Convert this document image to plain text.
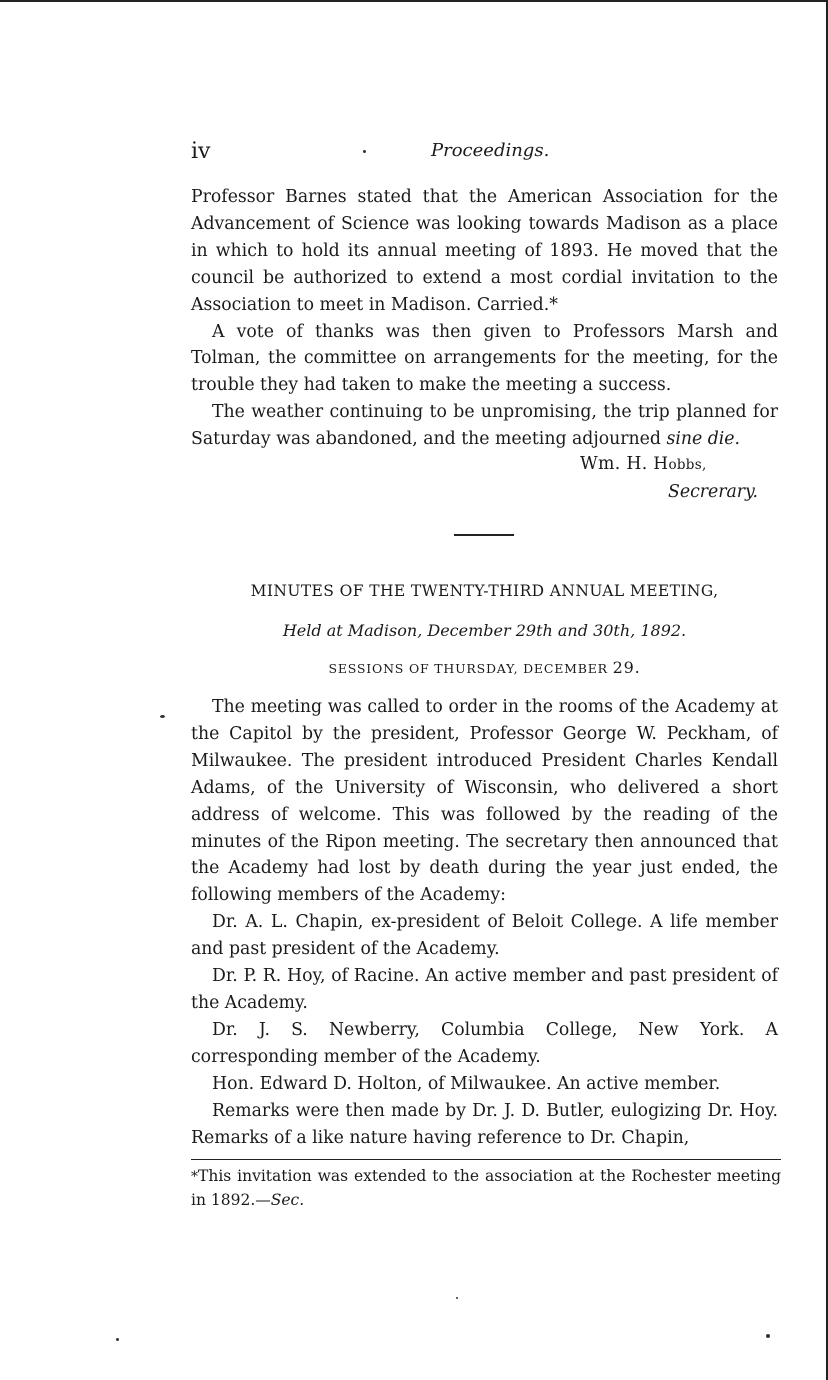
iv	Proceedings.

Professor Barnes stated that the American Association for the Advancement of Science was looking towards Madison as a place in which to hold its annual meeting of 1893. He moved that the council be authorized to extend a most cordial invitation to the Association to meet in Madison. Carried.*

A vote of thanks was then given to Professors Marsh and Tolman, the committee on arrangements for the meeting, for the trouble they had taken to make the meeting a success.

The weather continuing to be unpromising, the trip planned for Saturday was abandoned, and the meeting adjourned sine die.

Wm. H. Hobbs,
Secrerary.
MINUTES OF THE TWENTY-THIRD ANNUAL MEETING,
Held at Madison, December 29th and 30th, 1892.
SESSIONS OF THURSDAY, DECEMBER 29.

The meeting was called to order in the rooms of the Academy at the Capitol by the president, Professor George W. Peckham, of Milwaukee. The president introduced President Charles Kendall Adams, of the University of Wisconsin, who delivered a short address of welcome. This was followed by the reading of the minutes of the Ripon meeting. The secretary then announced that the Academy had lost by death during the year just ended, the following members of the Academy:

Dr. A. L. Chapin, ex-president of Beloit College. A life member and past president of the Academy.

Dr. P. R. Hoy, of Racine. An active member and past president of the Academy.

Dr. J. S. Newberry, Columbia College, New York. A corresponding member of the Academy.

Hon. Edward D. Holton, of Milwaukee. An active member.

Remarks were then made by Dr. J. D. Butler, eulogizing Dr. Hoy. Remarks of a like nature having reference to Dr. Chapin,

*This invitation was extended to the association at the Rochester meeting in 1892.—Sec.
